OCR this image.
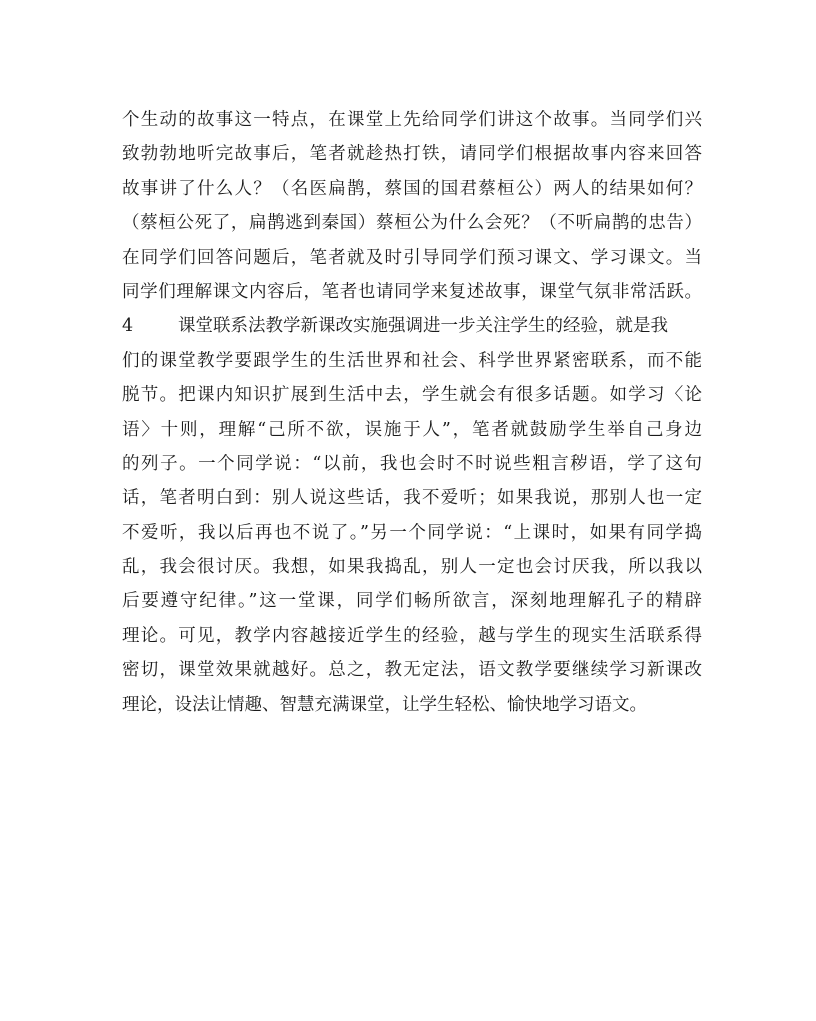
个生动的故事这一特点，在课堂上先给同学们讲这个故事。当同学们兴
致勃勃地听完故事后，笔者就趁热打铁，请同学们根据故事内容来回答
故事讲了什么人？（名医扁鹊，蔡国的国君蔡桓公）两人的结果如何？
（蔡桓公死了，扁鹊逃到秦国）蔡桓公为什么会死？（不听扁鹊的忠告）
在同学们回答问题后，笔者就及时引导同学们预习课文、学习课文。当
同学们理解课文内容后，笔者也请同学来复述故事，课堂气氛非常活跃。
4	课堂联系法教学新课改实施强调进一步关注学生的经验，就是我
们的课堂教学要跟学生的生活世界和社会、科学世界紧密联系，而不能
脱节。把课内知识扩展到生活中去，学生就会有很多话题。如学习〈论
语〉十则，理解“己所不欲，误施于人”，笔者就鼓励学生举自己身边
的列子。一个同学说：“以前，我也会时不时说些粗言秽语，学了这句
话，笔者明白到：别人说这些话，我不爱听；如果我说，那别人也一定
不爱听，我以后再也不说了。”另一个同学说：“上课时，如果有同学捣
乱，我会很讨厌。我想，如果我捣乱，别人一定也会讨厌我，所以我以
后要遵守纪律。”这一堂课，同学们畅所欲言，深刻地理解孔子的精辟
理论。可见，教学内容越接近学生的经验，越与学生的现实生活联系得
密切，课堂效果就越好。总之，教无定法，语文教学要继续学习新课改
理论，设法让情趣、智慧充满课堂，让学生轻松、愉快地学习语文。
